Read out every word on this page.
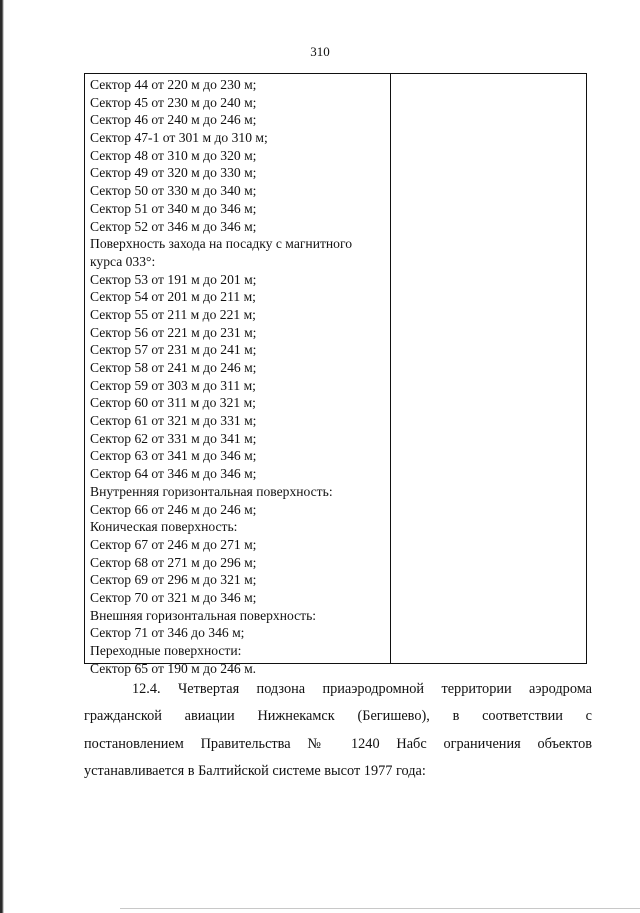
310
Сектор 44 от 220 м до 230 м;
Сектор 45 от 230 м до 240 м;
Сектор 46 от 240 м до 246 м;
Сектор 47-1 от 301 м до 310 м;
Сектор 48 от 310 м до 320 м;
Сектор 49 от 320 м до 330 м;
Сектор 50 от 330 м до 340 м;
Сектор 51 от 340 м до 346 м;
Сектор 52 от 346 м до 346 м;
Поверхность захода на посадку с магнитного
курса 033°:
Сектор 53 от 191 м до 201 м;
Сектор 54 от 201 м до 211 м;
Сектор 55 от 211 м до 221 м;
Сектор 56 от 221 м до 231 м;
Сектор 57 от 231 м до 241 м;
Сектор 58 от 241 м до 246 м;
Сектор 59 от 303 м до 311 м;
Сектор 60 от 311 м до 321 м;
Сектор 61 от 321 м до 331 м;
Сектор 62 от 331 м до 341 м;
Сектор 63 от 341 м до 346 м;
Сектор 64 от 346 м до 346 м;
Внутренняя горизонтальная поверхность:
Сектор 66 от 246 м до 246 м;
Коническая поверхность:
Сектор 67 от 246 м до 271 м;
Сектор 68 от 271 м до 296 м;
Сектор 69 от 296 м до 321 м;
Сектор 70 от 321 м до 346 м;
Внешняя горизонтальная поверхность:
Сектор 71 от 346 до 346 м;
Переходные поверхности:
Сектор 65 от 190 м до 246 м.
12.4. Четвертая подзона приаэродромной территории аэродрома
гражданской авиации Нижнекамск (Бегишево), в соответствии с
постановлением Правительства № 1240 Набс ограничения объектов
устанавливается в Балтийской системе высот 1977 года:
